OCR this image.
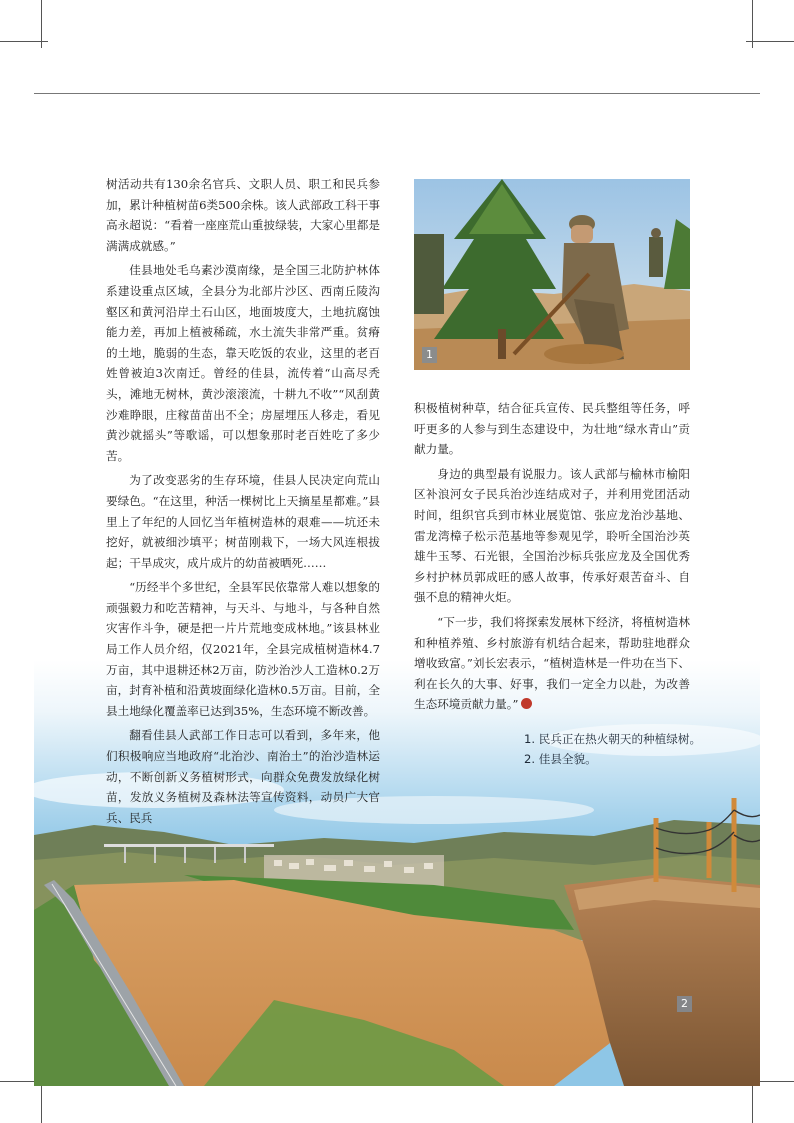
2
1

树活动共有130余名官兵、文职人员、职工和民兵参加，累计种植树苗6类500余株。该人武部政工科干事高永超说：“看着一座座荒山重披绿装，大家心里都是满满成就感。”

佳县地处毛乌素沙漠南缘，是全国三北防护林体系建设重点区域，全县分为北部片沙区、西南丘陵沟壑区和黄河沿岸土石山区，地面坡度大，土地抗腐蚀能力差，再加上植被稀疏，水土流失非常严重。贫瘠的土地，脆弱的生态，靠天吃饭的农业，这里的老百姓曾被迫3次南迁。曾经的佳县，流传着“山高尽秃头，滩地无树林，黄沙滚滚流，十耕九不收”“风刮黄沙难睁眼，庄稼苗苗出不全；房屋埋压人移走，看见黄沙就摇头”等歌谣，可以想象那时老百姓吃了多少苦。

为了改变恶劣的生存环境，佳县人民决定向荒山要绿色。“在这里，种活一棵树比上天摘星星都难。”县里上了年纪的人回忆当年植树造林的艰难——坑还未挖好，就被细沙填平；树苗刚栽下，一场大风连根拔起；干旱成灾，成片成片的幼苗被晒死……

“历经半个多世纪，全县军民依靠常人难以想象的顽强毅力和吃苦精神，与天斗、与地斗，与各种自然灾害作斗争，硬是把一片片荒地变成林地。”该县林业局工作人员介绍，仅2021年，全县完成植树造林4.7万亩，其中退耕还林2万亩，防沙治沙人工造林0.2万亩，封育补植和沿黄坡面绿化造林0.5万亩。目前，全县土地绿化覆盖率已达到35%，生态环境不断改善。

翻看佳县人武部工作日志可以看到，多年来，他们积极响应当地政府“北治沙、南治土”的治沙造林运动，不断创新义务植树形式，向群众免费发放绿化树苗，发放义务植树及森林法等宣传资料，动员广大官兵、民兵

积极植树种草，结合征兵宣传、民兵整组等任务，呼吁更多的人参与到生态建设中，为壮地“绿水青山”贡献力量。

身边的典型最有说服力。该人武部与榆林市榆阳区补浪河女子民兵治沙连结成对子，并利用党团活动时间，组织官兵到市林业展览馆、张应龙治沙基地、雷龙湾樟子松示范基地等参观见学，聆听全国治沙英雄牛玉琴、石光银，全国治沙标兵张应龙及全国优秀乡村护林员郭成旺的感人故事，传承好艰苦奋斗、自强不息的精神火炬。

“下一步，我们将探索发展林下经济，将植树造林和种植养殖、乡村旅游有机结合起来，帮助驻地群众增收致富。”刘长宏表示，“植树造林是一件功在当下、利在长久的大事、好事，我们一定全力以赴，为改善生态环境贡献力量。”

1. 民兵正在热火朝天的种植绿树。
2. 佳县全貌。
